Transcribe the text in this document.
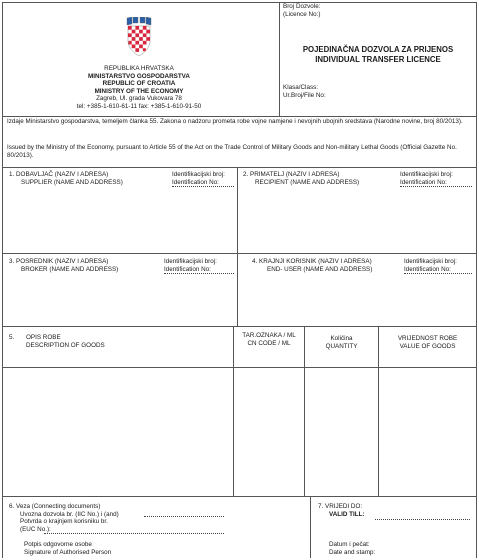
REPUBLIKA HRVATSKA
MINISTARSTVO GOSPODARSTVA
REPUBLIC OF CROATIA
MINISTRY OF THE ECONOMY
Zagreb, Ul. grada Vukovara 78
tel: +385-1-610-61-11 fax: +385-1-610-91-50
Broj Dozvole:
(Licence No:)
POJEDINAČNA DOZVOLA ZA PRIJENOS
INDIVIDUAL TRANSFER LICENCE
Klasa/Class:
Ur.Broj/File No:
Izdaje Ministarstvo gospodarstva, temeljem članka 55. Zakona o nadzoru prometa robe vojne namjene i nevojnih ubojnih sredstava (Narodne novine, broj 80/2013).
Issued by the Ministry of the Economy, pursuant to Article 55 of the Act on the Trade Control of Military Goods and Non-military Lethal Goods (Official Gazette No. 80/2013).
1. DOBAVLJAČ (NAZIV I ADRESA)
SUPPLIER (NAME AND ADDRESS)
Identifikacijski broj:
Identification No:
2. PRIMATELJ (NAZIV I ADRESA)
RECIPIENT (NAME AND ADDRESS)
Identifikacijski broj:
Identification No:
3. POSREDNIK (NAZIV I ADRESA)
BROKER (NAME AND ADDRESS)
Identifikacijski broj:
Identification No:
4. KRAJNJI KORISNIK (NAZIV I ADRESA)
END- USER (NAME AND ADDRESS)
Identifikacijski broj:
Identification No:
5. OPIS ROBE
DESCRIPTION OF GOODS
TAR.OZNAKA / ML
CN CODE / ML
Količina
QUANTITY
VRIJEDNOST ROBE
VALUE OF GOODS
6. Veza (Connecting documents)
Uvozna dozvola br. (IIC No.) i (and)
Potvrda o krajnjem korisniku br.
(EUC No.):
Potpis odgovorne osobe
Signature of Authorised Person
7. VRIJEDI DO:
VALID TILL:
Datum i pečat:
Date and stamp:
